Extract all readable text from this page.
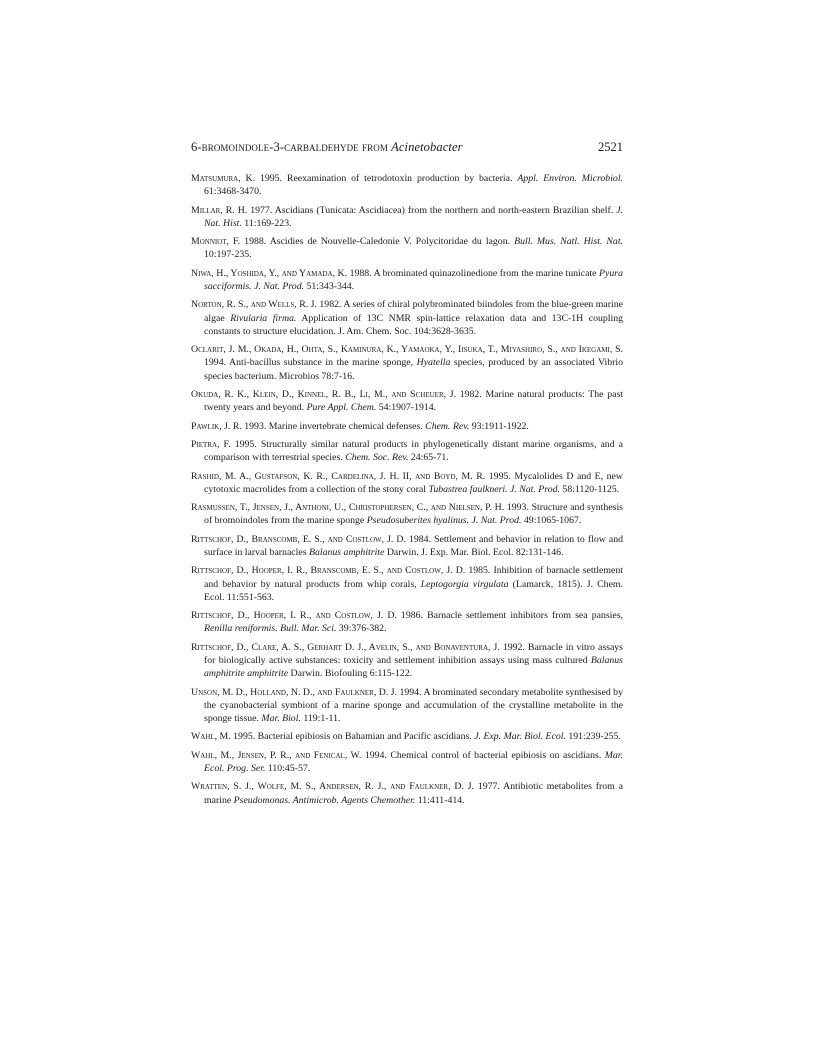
6-bromoindole-3-carbaldehyde from Acinetobacter	2521

Matsumura, K. 1995. Reexamination of tetrodotoxin production by bacteria. Appl. Environ. Microbiol. 61:3468-3470.

Millar, R. H. 1977. Ascidians (Tunicata: Ascidiacea) from the northern and north-eastern Brazilian shelf. J. Nat. Hist. 11:169-223.

Monniot, F. 1988. Ascidies de Nouvelle-Caledonie V. Polycitoridae du lagon. Bull. Mus. Natl. Hist. Nat. 10:197-235.

Niwa, H., Yoshida, Y., and Yamada, K. 1988. A brominated quinazolinedione from the marine tunicate Pyura sacciformis. J. Nat. Prod. 51:343-344.

Norton, R. S., and Wells, R. J. 1982. A series of chiral polybrominated biindoles from the blue-green marine algae Rivularia firma. Application of 13C NMR spin-lattice relaxation data and 13C-1H coupling constants to structure elucidation. J. Am. Chem. Soc. 104:3628-3635.

Oclarit, J. M., Okada, H., Ohta, S., Kaminura, K., Yamaoka, Y., Iisuka, T., Miyashiro, S., and Ikegami, S. 1994. Anti-bacillus substance in the marine sponge, Hyatella species, produced by an associated Vibrio species bacterium. Microbios 78:7-16.

Okuda, R. K., Klein, D., Kinnel, R. B., Li, M., and Scheuer, J. 1982. Marine natural products: The past twenty years and beyond. Pure Appl. Chem. 54:1907-1914.

Pawlik, J. R. 1993. Marine invertebrate chemical defenses. Chem. Rev. 93:1911-1922.

Pietra, F. 1995. Structurally similar natural products in phylogenetically distant marine organisms, and a comparison with terrestrial species. Chem. Soc. Rev. 24:65-71.

Rashid, M. A., Gustafson, K. R., Cardelina, J. H. II, and Boyd, M. R. 1995. Mycalolides D and E, new cytotoxic macrolides from a collection of the stony coral Tubastrea faulkneri. J. Nat. Prod. 58:1120-1125.

Rasmussen, T., Jensen, J., Anthoni, U., Christophersen, C., and Nielsen, P. H. 1993. Structure and synthesis of bromoindoles from the marine sponge Pseudosuberites hyalinus. J. Nat. Prod. 49:1065-1067.

Rittschof, D., Branscomb, E. S., and Costlow, J. D. 1984. Settlement and behavior in relation to flow and surface in larval barnacles Balanus amphitrite Darwin. J. Exp. Mar. Biol. Ecol. 82:131-146.

Rittschof, D., Hooper, I. R., Branscomb, E. S., and Costlow, J. D. 1985. Inhibition of barnacle settlement and behavior by natural products from whip corals, Leptogorgia virgulata (Lamarck, 1815). J. Chem. Ecol. 11:551-563.

Rittschof, D., Hooper, I. R., and Costlow, J. D. 1986. Barnacle settlement inhibitors from sea pansies, Renilla reniformis. Bull. Mar. Sci. 39:376-382.

Rittschof, D., Clare, A. S., Gerhart D. J., Avelin, S., and Bonaventura, J. 1992. Barnacle in vitro assays for biologically active substances: toxicity and settlement inhibition assays using mass cultured Balanus amphitrite amphitrite Darwin. Biofouling 6:115-122.

Unson, M. D., Holland, N. D., and Faulkner, D. J. 1994. A brominated secondary metabolite synthesised by the cyanobacterial symbiont of a marine sponge and accumulation of the crystalline metabolite in the sponge tissue. Mar. Biol. 119:1-11.

Wahl, M. 1995. Bacterial epibiosis on Bahamian and Pacific ascidians. J. Exp. Mar. Biol. Ecol. 191:239-255.

Wahl, M., Jensen, P. R., and Fenical, W. 1994. Chemical control of bacterial epibiosis on ascidians. Mar. Ecol. Prog. Ser. 110:45-57.

Wratten, S. J., Wolfe, M. S., Andersen, R. J., and Faulkner, D. J. 1977. Antibiotic metabolites from a marine Pseudomonas. Antimicrob. Agents Chemother. 11:411-414.
